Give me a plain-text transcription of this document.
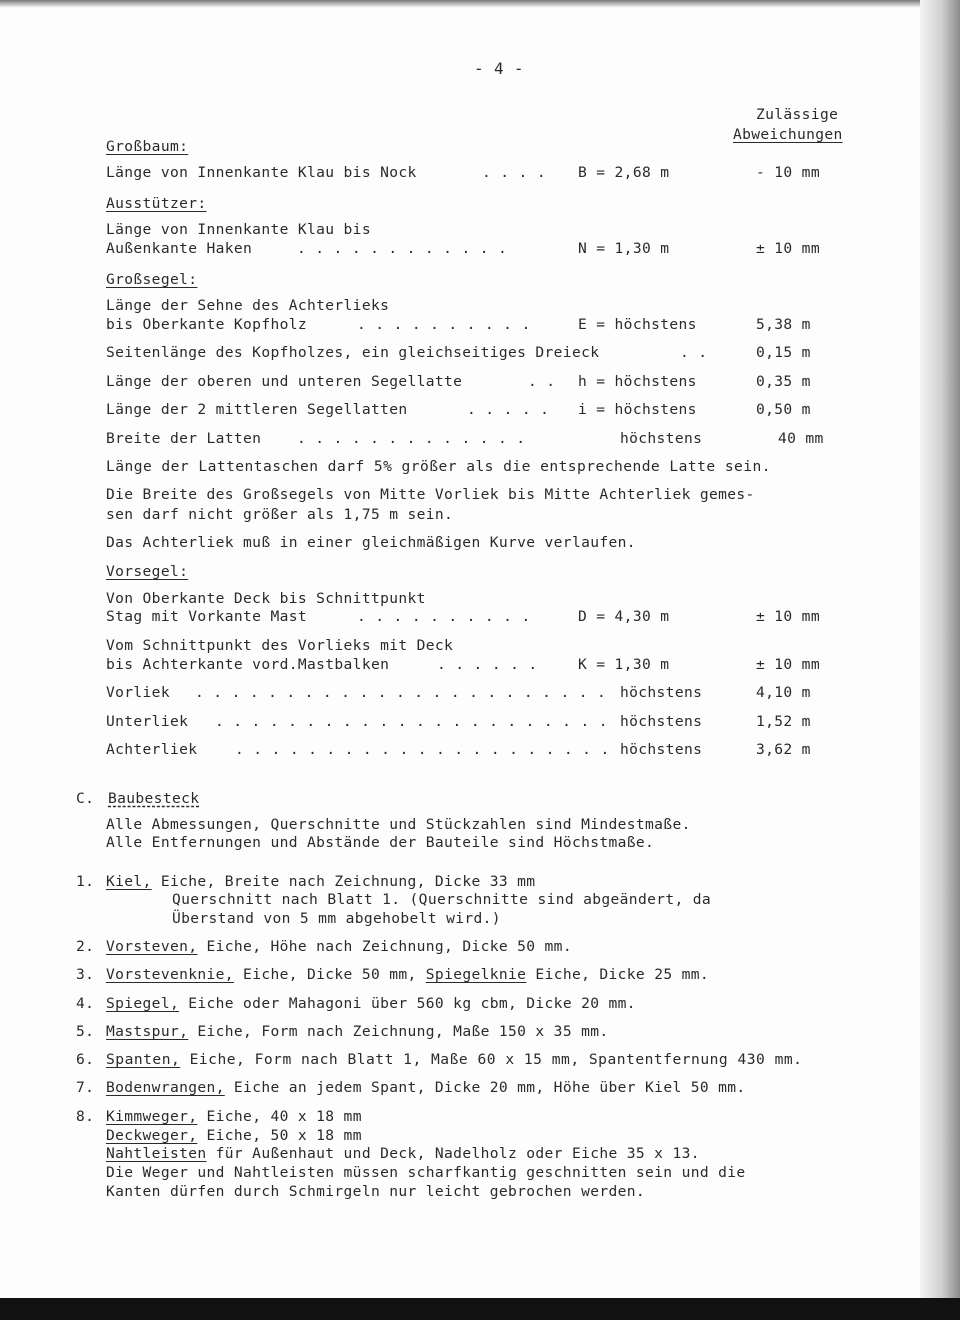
- 4 -
Zulässige
Abweichungen
Großbaum:
Länge von Innenkante Klau bis Nock	. . . . B = 2,68 m	- 10 mm
Ausstützer:
Länge von Innenkante Klau bis
Außenkante Haken	. . . . . . . . . . . .	N = 1,30 m	± 10 mm
Großsegel:
Länge der Sehne des Achterlieks
bis Oberkante Kopfholz	. . . . . . . . . .	E = höchstens	5,38 m
Seitenlänge des Kopfholzes, ein gleichseitiges Dreieck	. .	0,15 m
Länge der oberen und unteren Segellatte	. . h = höchstens	0,35 m
Länge der 2 mittleren Segellatten	. . . . . i = höchstens	0,50 m
Breite der Latten . . . . . . . . . . . . .	höchstens	40 mm
Länge der Lattentaschen darf 5% größer als die entsprechende Latte sein.
Die Breite des Großsegels von Mitte Vorliek bis Mitte Achterliek gemes-
sen darf nicht größer als 1,75 m sein.
Das Achterliek muß in einer gleichmäßigen Kurve verlaufen.
Vorsegel:
Von Oberkante Deck bis Schnittpunkt
Stag mit Vorkante Mast	. . . . . . . . . .	D = 4,30 m	± 10 mm
Vom Schnittpunkt des Vorlieks mit Deck
bis Achterkante vord.Mastbalken	. . . . . .	K = 1,30 m	± 10 mm
Vorliek . . . . . . . . . . . . . . . . . . . . . . . höchstens	4,10 m
Unterliek . . . . . . . . . . . . . . . . . . . . . . höchstens	1,52 m
Achterliek	. . . . . . . . . . . . . . . . . . . . . höchstens	3,62 m
C. Baubesteck
Alle Abmessungen, Querschnitte und Stückzahlen sind Mindestmaße.
Alle Entfernungen und Abstände der Bauteile sind Höchstmaße.
1. Kiel, Eiche, Breite nach Zeichnung, Dicke 33 mm
Querschnitt nach Blatt 1. (Querschnitte sind abgeändert, da
Überstand von 5 mm abgehobelt wird.)
2. Vorsteven, Eiche, Höhe nach Zeichnung, Dicke 50 mm.
3. Vorstevenknie, Eiche, Dicke 50 mm, Spiegelknie Eiche, Dicke 25 mm.
4. Spiegel, Eiche oder Mahagoni über 560 kg cbm, Dicke 20 mm.
5. Mastspur, Eiche, Form nach Zeichnung, Maße 150 x 35 mm.
6. Spanten, Eiche, Form nach Blatt 1, Maße 60 x 15 mm, Spantentfernung 430 mm.
7. Bodenwrangen, Eiche an jedem Spant, Dicke 20 mm, Höhe über Kiel 50 mm.
8. Kimmweger, Eiche, 40 x 18 mm
Deckweger, Eiche, 50 x 18 mm
Nahtleisten für Außenhaut und Deck, Nadelholz oder Eiche 35 x 13.
Die Weger und Nahtleisten müssen scharfkantig geschnitten sein und die
Kanten dürfen durch Schmirgeln nur leicht gebrochen werden.
